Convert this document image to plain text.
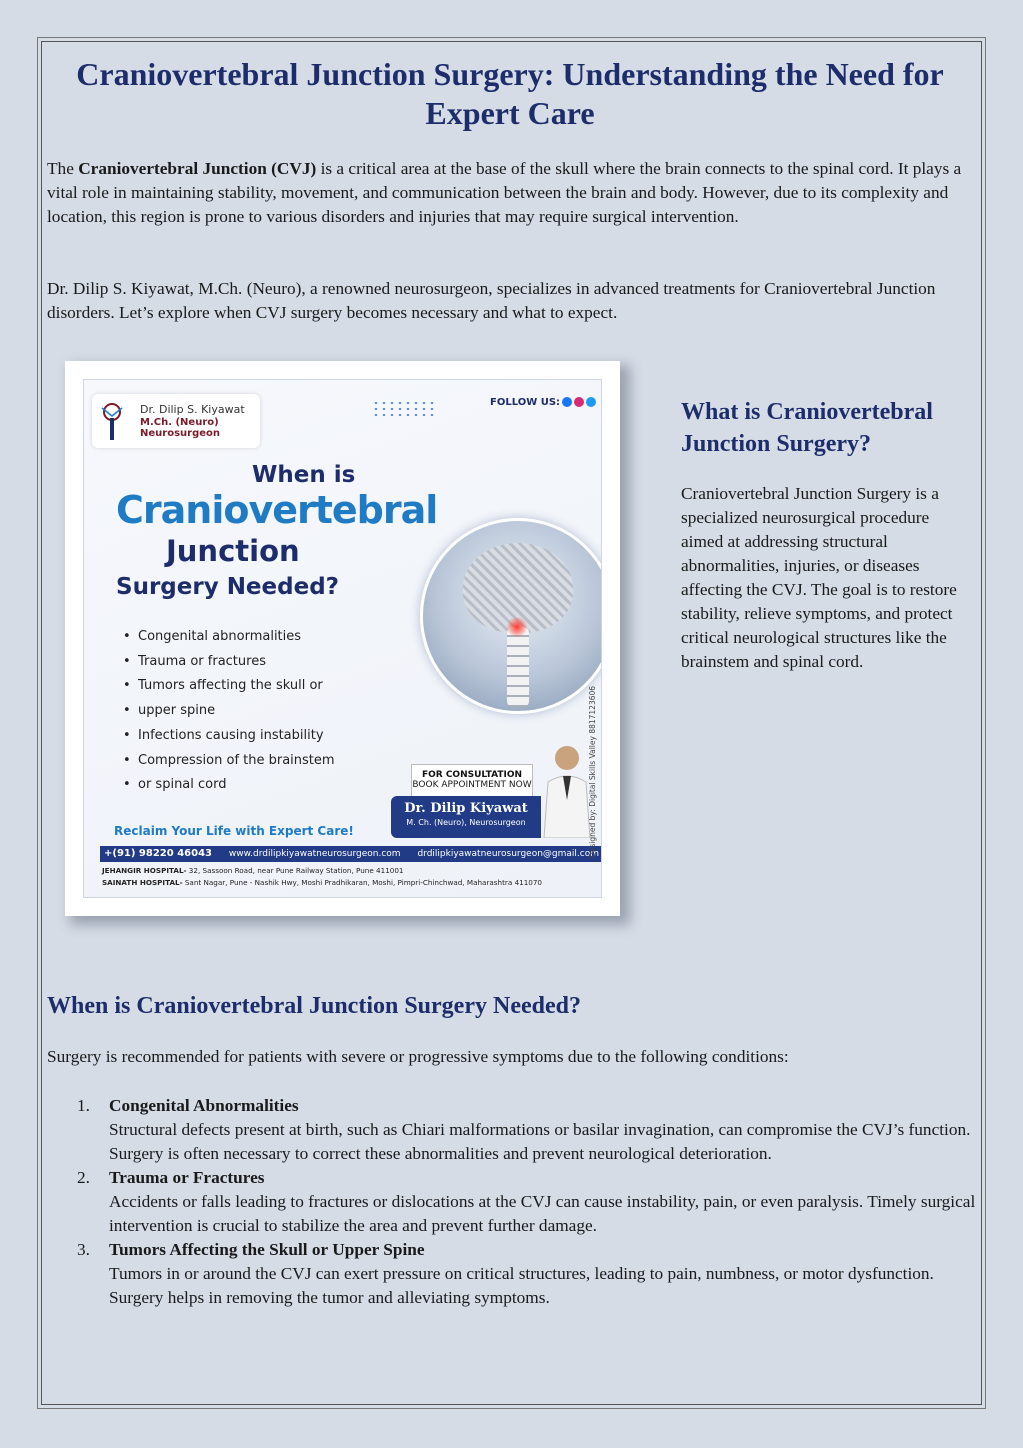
Craniovertebral Junction Surgery: Understanding the Need for Expert Care

The Craniovertebral Junction (CVJ) is a critical area at the base of the skull where the brain connects to the spinal cord. It plays a vital role in maintaining stability, movement, and communication between the brain and body. However, due to its complexity and location, this region is prone to various disorders and injuries that may require surgical intervention.

Dr. Dilip S. Kiyawat, M.Ch. (Neuro), a renowned neurosurgeon, specializes in advanced treatments for Craniovertebral Junction disorders. Let’s explore when CVJ surgery becomes necessary and what to expect.

Dr. Dilip S. Kiyawat
M.Ch. (Neuro)
Neurosurgeon
FOLLOW US:
When is
Craniovertebral
Junction
Surgery Needed?
• Congenital abnormalities
• Trauma or fractures
• Tumors affecting the skull or
• upper spine
• Infections causing instability
• Compression of the brainstem
• or spinal cord
FOR CONSULTATION
BOOK APPOINTMENT NOW
Dr. Dilip Kiyawat
M. Ch. (Neuro), Neurosurgeon
Reclaim Your Life with Expert Care!
+(91) 98220 46043 www.drdilipkiyawatneurosurgeon.com drdilipkiyawatneurosurgeon@gmail.com
JEHANGIR HOSPITAL- 32, Sassoon Road, near Pune Railway Station, Pune 411001
SAINATH HOSPITAL- Sant Nagar, Pune - Nashik Hwy, Moshi Pradhikaran, Moshi, Pimpri-Chinchwad, Maharashtra 411070
Designed by: Digital Skills Valley 8817123606
What is Craniovertebral Junction Surgery?

Craniovertebral Junction Surgery is a specialized neurosurgical procedure aimed at addressing structural abnormalities, injuries, or diseases affecting the CVJ. The goal is to restore stability, relieve symptoms, and protect critical neurological structures like the brainstem and spinal cord.

When is Craniovertebral Junction Surgery Needed?

Surgery is recommended for patients with severe or progressive symptoms due to the following conditions:

1. Congenital Abnormalities
Structural defects present at birth, such as Chiari malformations or basilar invagination, can compromise the CVJ’s function. Surgery is often necessary to correct these abnormalities and prevent neurological deterioration.
2. Trauma or Fractures
Accidents or falls leading to fractures or dislocations at the CVJ can cause instability, pain, or even paralysis. Timely surgical intervention is crucial to stabilize the area and prevent further damage.
3. Tumors Affecting the Skull or Upper Spine
Tumors in or around the CVJ can exert pressure on critical structures, leading to pain, numbness, or motor dysfunction. Surgery helps in removing the tumor and alleviating symptoms.
